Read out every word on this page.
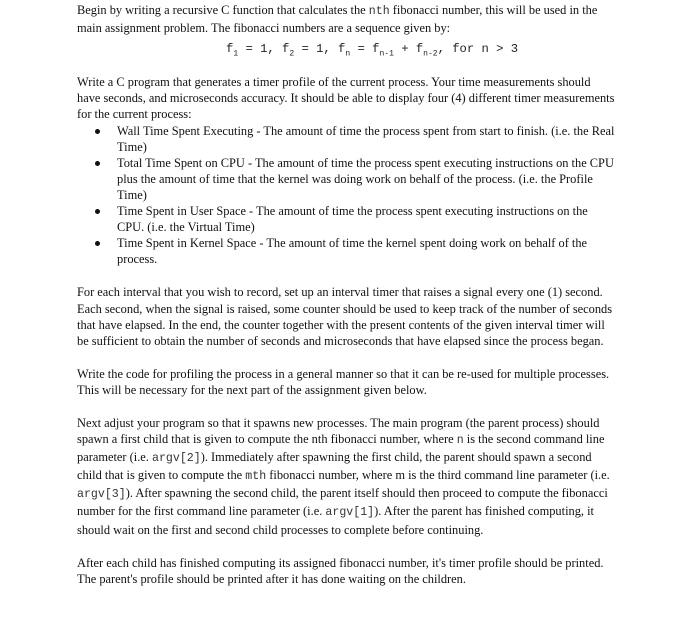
Begin by writing a recursive C function that calculates the nth fibonacci number, this will be used in the main assignment problem. The fibonacci numbers are a sequence given by:

$f_1 = 1$, $f_2 = 1$, $f_n = f_{n-1} + f_{n-2}$, for n > 3

Write a C program that generates a timer profile of the current process. Your time measurements should have seconds, and microseconds accuracy. It should be able to display four (4) different timer measurements for the current process:

Wall Time Spent Executing - The amount of time the process spent from start to finish. (i.e. the Real Time)
Total Time Spent on CPU - The amount of time the process spent executing instructions on the CPU plus the amount of time that the kernel was doing work on behalf of the process. (i.e. the Profile Time)
Time Spent in User Space - The amount of time the process spent executing instructions on the CPU. (i.e. the Virtual Time)
Time Spent in Kernel Space - The amount of time the kernel spent doing work on behalf of the process.

For each interval that you wish to record, set up an interval timer that raises a signal every one (1) second. Each second, when the signal is raised, some counter should be used to keep track of the number of seconds that have elapsed. In the end, the counter together with the present contents of the given interval timer will be sufficient to obtain the number of seconds and microseconds that have elapsed since the process began.

Write the code for profiling the process in a general manner so that it can be re-used for multiple processes. This will be necessary for the next part of the assignment given below.

Next adjust your program so that it spawns new processes. The main program (the parent process) should spawn a first child that is given to compute the nth fibonacci number, where n is the second command line parameter (i.e. argv[2]). Immediately after spawning the first child, the parent should spawn a second child that is given to compute the mth fibonacci number, where m is the third command line parameter (i.e. argv[3]). After spawning the second child, the parent itself should then proceed to compute the fibonacci number for the first command line parameter (i.e. argv[1]). After the parent has finished computing, it should wait on the first and second child processes to complete before continuing.

After each child has finished computing its assigned fibonacci number, it's timer profile should be printed. The parent's profile should be printed after it has done waiting on the children.
